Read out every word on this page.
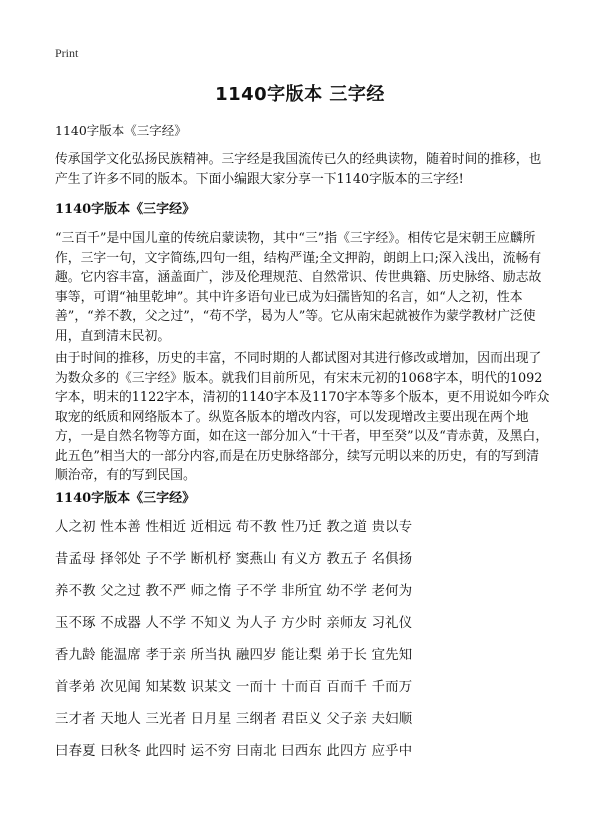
Print
1140字版本 三字经
1140字版本《三字经》
传承国学文化弘扬民族精神。三字经是我国流传已久的经典读物，随着时间的推移，也产生了许多不同的版本。下面小编跟大家分享一下1140字版本的三字经!
1140字版本《三字经》
“三百千”是中国儿童的传统启蒙读物，其中“三”指《三字经》。相传它是宋朝王应麟所作，三字一句，文字简练,四句一组，结构严谨;全文押韵，朗朗上口;深入浅出，流畅有趣。它内容丰富，涵盖面广，涉及伦理规范、自然常识、传世典籍、历史脉络、励志故事等，可谓“袖里乾坤”。其中许多语句业已成为妇孺皆知的名言，如“人之初，性本善”，“养不教，父之过”，“苟不学，曷为人”等。它从南宋起就被作为蒙学教材广泛使用，直到清末民初。
由于时间的推移，历史的丰富，不同时期的人都试图对其进行修改或增加，因而出现了为数众多的《三字经》版本。就我们目前所见，有宋末元初的1068字本，明代的1092字本，明末的1122字本，清初的1140字本及1170字本等多个版本，更不用说如今咋众取宠的纸质和网络版本了。纵览各版本的增改内容，可以发现增改主要出现在两个地方，一是自然名物等方面，如在这一部分加入“十干者，甲至癸”以及“青赤黄，及黑白，此五色”相当大的一部分内容,而是在历史脉络部分，续写元明以来的历史，有的写到清顺治帝，有的写到民国。
1140字版本《三字经》
人之初 性本善 性相近 近相远 苟不教 性乃迁 教之道 贵以专
昔孟母 择邻处 子不学 断机杼 窦燕山 有义方 教五子 名俱扬
养不教 父之过 教不严 师之惰 子不学 非所宜 幼不学 老何为
玉不琢 不成器 人不学 不知义 为人子 方少时 亲师友 习礼仪
香九龄 能温席 孝于亲 所当执 融四岁 能让梨 弟于长 宜先知
首孝弟 次见闻 知某数 识某文 一而十 十而百 百而千 千而万
三才者 天地人 三光者 日月星 三纲者 君臣义 父子亲 夫妇顺
曰春夏 曰秋冬 此四时 运不穷 曰南北 曰西东 此四方 应乎中
